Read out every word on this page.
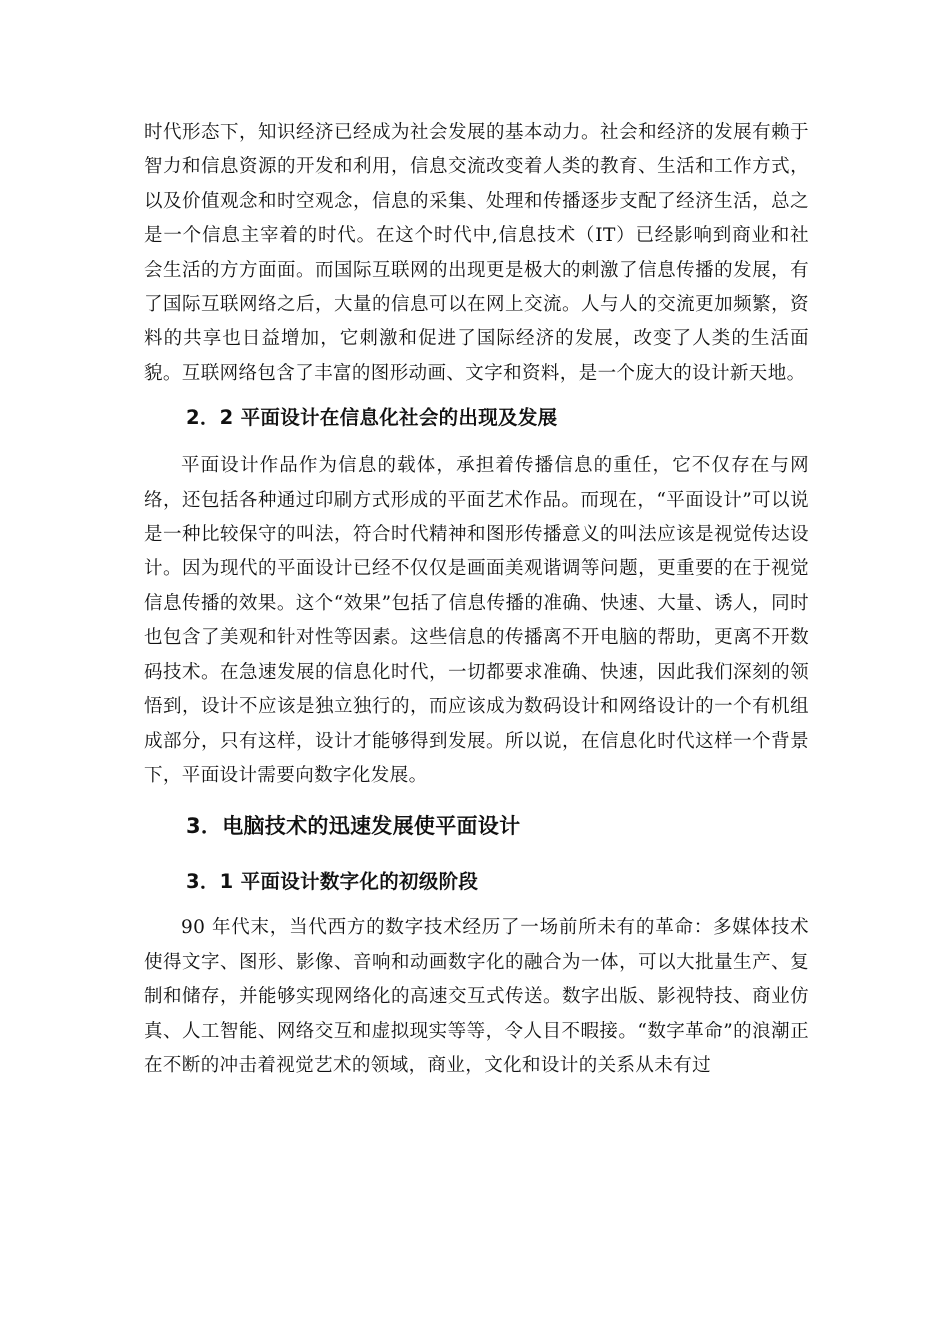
时代形态下，知识经济已经成为社会发展的基本动力。社会和经济的发展有赖于智力和信息资源的开发和利用，信息交流改变着人类的教育、生活和工作方式，以及价值观念和时空观念，信息的采集、处理和传播逐步支配了经济生活，总之是一个信息主宰着的时代。在这个时代中,信息技术（IT）已经影响到商业和社会生活的方方面面。而国际互联网的出现更是极大的刺激了信息传播的发展，有了国际互联网络之后，大量的信息可以在网上交流。人与人的交流更加频繁，资料的共享也日益增加，它刺激和促进了国际经济的发展，改变了人类的生活面貌。互联网络包含了丰富的图形动画、文字和资料，是一个庞大的设计新天地。

2．2 平面设计在信息化社会的出现及发展

平面设计作品作为信息的载体，承担着传播信息的重任，它不仅存在与网络，还包括各种通过印刷方式形成的平面艺术作品。而现在，“平面设计”可以说是一种比较保守的叫法，符合时代精神和图形传播意义的叫法应该是视觉传达设计。因为现代的平面设计已经不仅仅是画面美观谐调等问题，更重要的在于视觉信息传播的效果。这个“效果”包括了信息传播的准确、快速、大量、诱人，同时也包含了美观和针对性等因素。这些信息的传播离不开电脑的帮助，更离不开数码技术。在急速发展的信息化时代，一切都要求准确、快速，因此我们深刻的领悟到，设计不应该是独立独行的，而应该成为数码设计和网络设计的一个有机组成部分，只有这样，设计才能够得到发展。所以说，在信息化时代这样一个背景下，平面设计需要向数字化发展。

3．电脑技术的迅速发展使平面设计
3．1 平面设计数字化的初级阶段

90 年代末，当代西方的数字技术经历了一场前所未有的革命：多媒体技术使得文字、图形、影像、音响和动画数字化的融合为一体，可以大批量生产、复制和储存，并能够实现网络化的高速交互式传送。数字出版、影视特技、商业仿真、人工智能、网络交互和虚拟现实等等，令人目不暇接。“数字革命”的浪潮正在不断的冲击着视觉艺术的领域，商业，文化和设计的关系从未有过
